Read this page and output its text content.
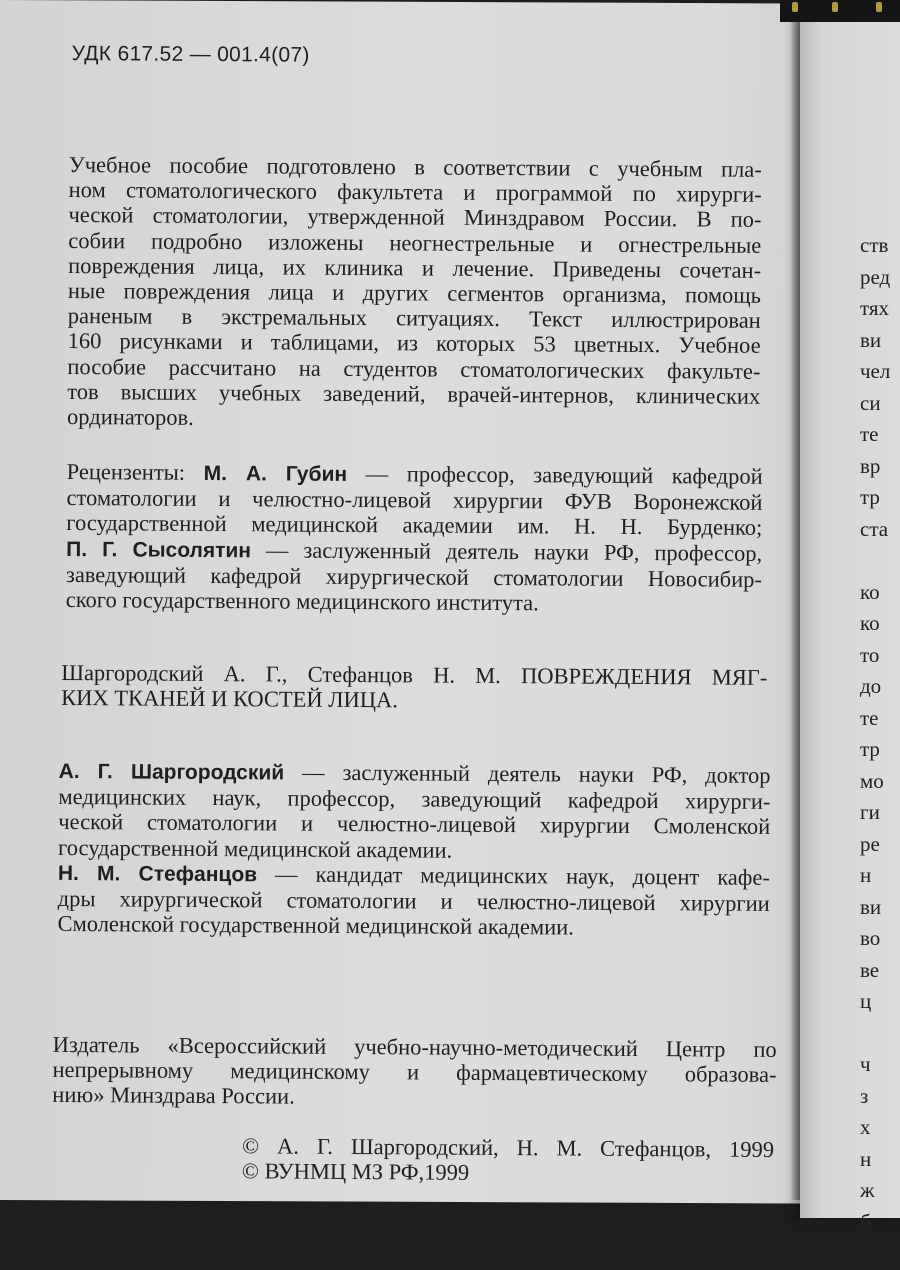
ств
ред
тях
ви
чел
си
те
вр
тр
ста

ко
ко
то
до
те
тр
мо
ги
ре
н
ви
во
ве
ц

ч
з
х
н
ж
б
в
УДК 617.52 — 001.4(07)
Учебное пособие подготовлено в соответствии с учебным пла-
ном стоматологического факультета и программой по хирурги-
ческой стоматологии, утвержденной Минздравом России. В по-
собии подробно изложены неогнестрельные и огнестрельные
повреждения лица, их клиника и лечение. Приведены сочетан-
ные повреждения лица и других сегментов организма, помощь
раненым в экстремальных ситуациях. Текст иллюстрирован
160 рисунками и таблицами, из которых 53 цветных. Учебное
пособие рассчитано на студентов стоматологических факульте-
тов высших учебных заведений, врачей-интернов, клинических
ординаторов.
Рецензенты: М. А. Губин — профессор, заведующий кафедрой
стоматологии и челюстно-лицевой хирургии ФУВ Воронежской
государственной медицинской академии им. Н. Н. Бурденко;
П. Г. Сысолятин — заслуженный деятель науки РФ, профессор,
заведующий кафедрой хирургической стоматологии Новосибир-
ского государственного медицинского института.
Шаргородский А. Г., Стефанцов Н. М. ПОВРЕЖДЕНИЯ МЯГ-
КИХ ТКАНЕЙ И КОСТЕЙ ЛИЦА.
А. Г. Шаргородский — заслуженный деятель науки РФ, доктор
медицинских наук, профессор, заведующий кафедрой хирурги-
ческой стоматологии и челюстно-лицевой хирургии Смоленской
государственной медицинской академии.
Н. М. Стефанцов — кандидат медицинских наук, доцент кафе-
дры хирургической стоматологии и челюстно-лицевой хирургии
Смоленской государственной медицинской академии.
Издатель «Всероссийский учебно-научно-методический Центр по
непрерывному медицинскому и фармацевтическому образова-
нию» Минздрава России.
© А. Г. Шаргородский, Н. М. Стефанцов, 1999
© ВУНМЦ МЗ РФ,1999
